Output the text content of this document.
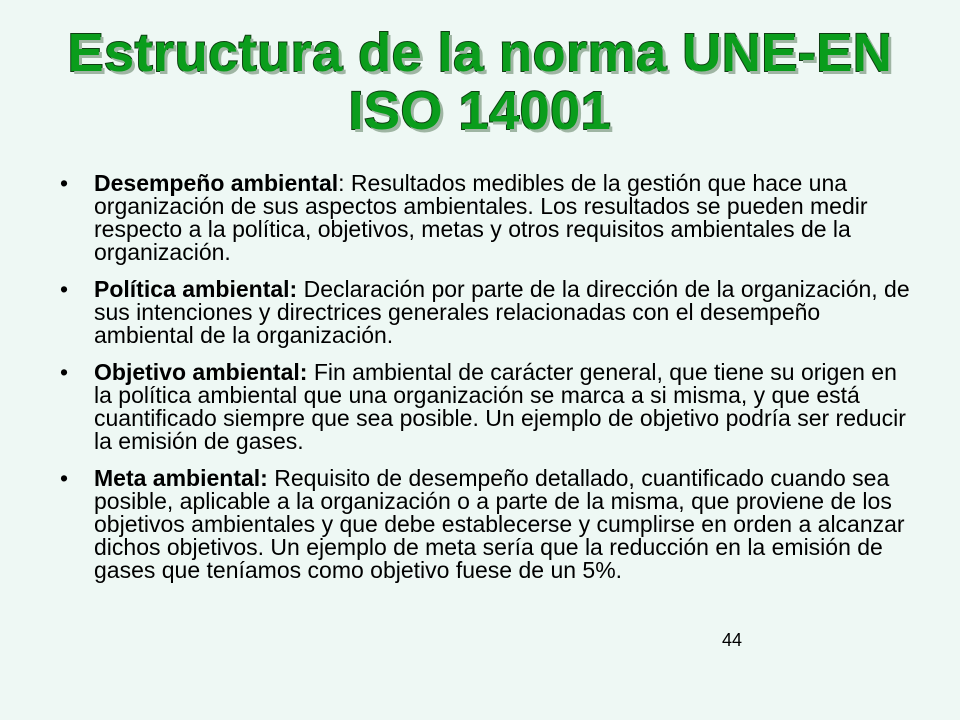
Estructura de la norma UNE-EN
ISO 14001
•	Desempeño ambiental: Resultados medibles de la gestión que hace una organización de sus aspectos ambientales. Los resultados se pueden medir respecto a la política, objetivos, metas y otros requisitos ambientales de la organización.
•	Política ambiental: Declaración por parte de la dirección de la organización, de sus intenciones y directrices generales relacionadas con el desempeño ambiental de la organización.
•	Objetivo ambiental: Fin ambiental de carácter general, que tiene su origen en la política ambiental que una organización se marca a si misma, y que está cuantificado siempre que sea posible. Un ejemplo de objetivo podría ser reducir la emisión de gases.
•	Meta ambiental: Requisito de desempeño detallado, cuantificado cuando sea posible, aplicable a la organización o a parte de la misma, que proviene de los objetivos ambientales y que debe establecerse y cumplirse en orden a alcanzar dichos objetivos. Un ejemplo de meta sería que la reducción en la emisión de gases que teníamos como objetivo fuese de un 5%.
44
